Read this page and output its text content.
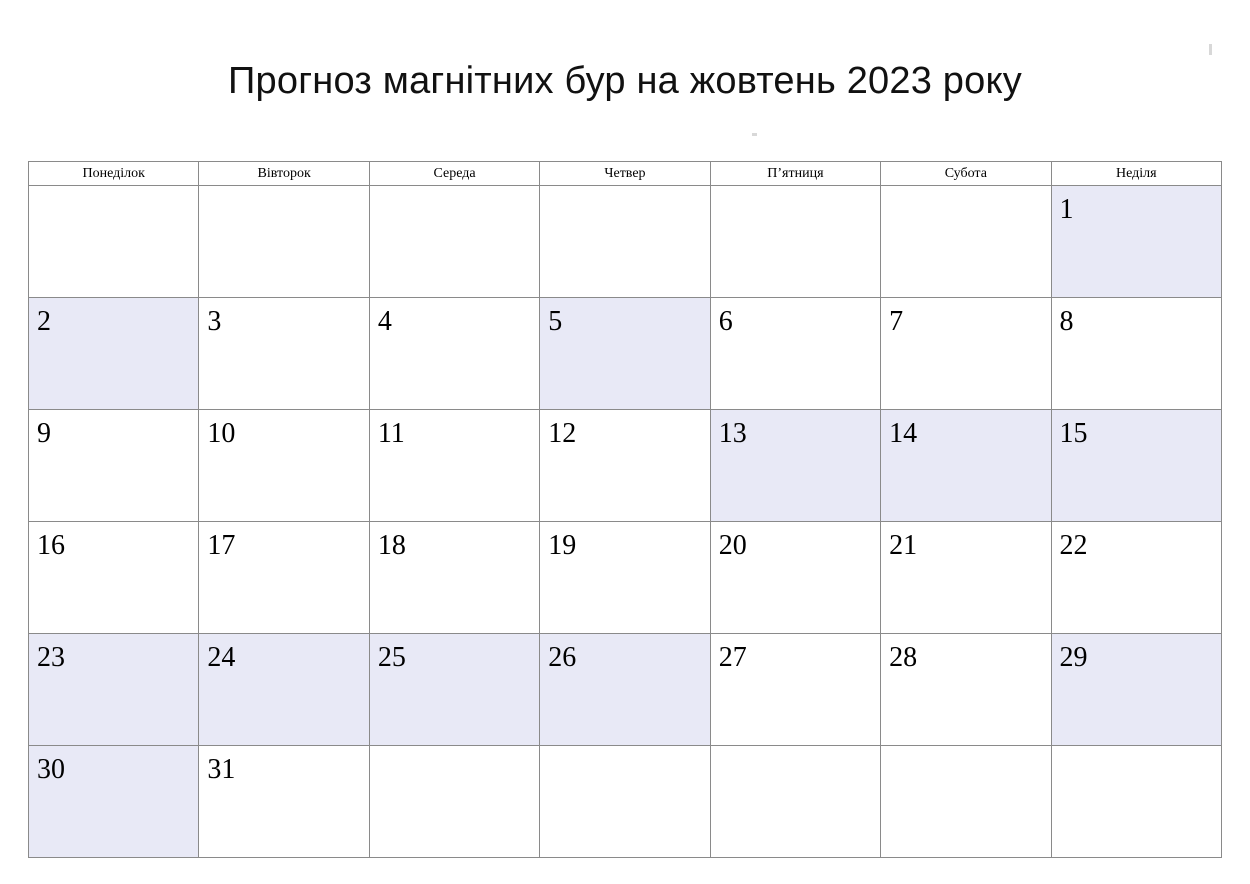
Прогноз магнітних бур на жовтень 2023 року
Понеділок	Вівторок	Середа	Четвер	П’ятниця	Субота	Неділя

						1

2	3	4	5	6	7	8

9	10	11	12	13	14	15

16	17	18	19	20	21	22

23	24	25	26	27	28	29

30	31					
